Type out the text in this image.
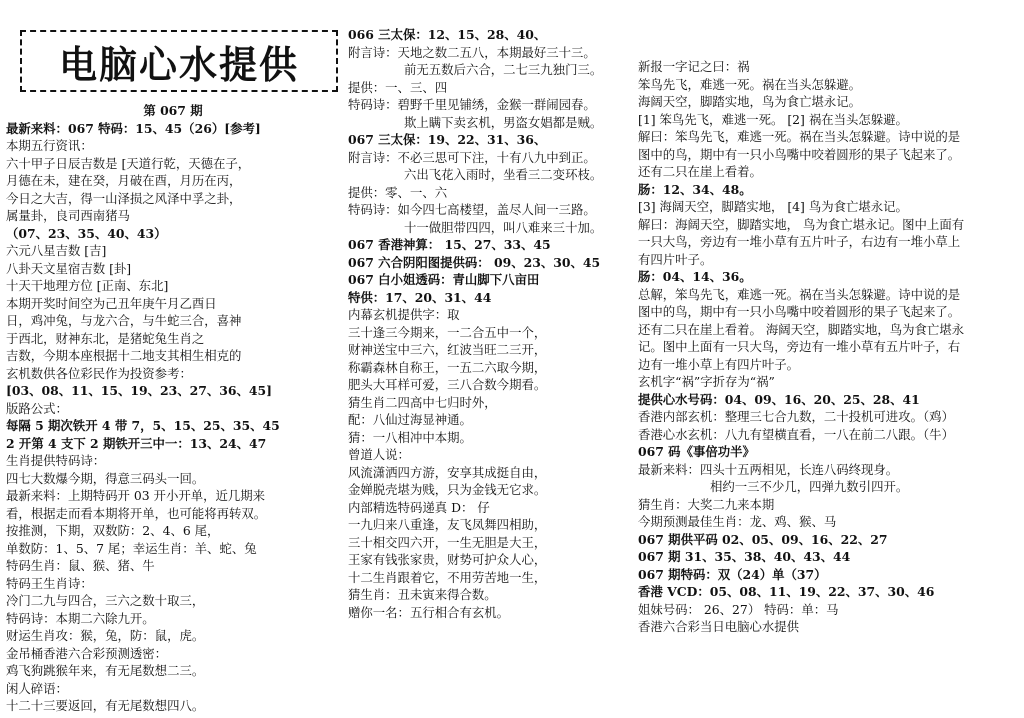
电脑心水提供
第 067 期
最新来料：067 特码：15、45（26）[参考]
本期五行资讯：
六十甲子日辰吉数是 [天道行乾，天德在子，
月德在未，建在癸，月破在酉，月历在丙，
今日之大吉，得一山泽损之风泽中孚之卦，
属量卦，良司西南猪马
（07、23、35、40、43）
六元八星吉数 [吉]
八卦天文星宿吉数 [卦]
十天干地理方位 [正南、东北]
本期开奖时间空为己丑年庚午月乙酉日
日，鸡冲兔，与龙六合，与牛蛇三合，喜神
于西北，财神东北，是猪蛇兔生肖之
吉数，今期本座根据十二地支其相生相克的
玄机数供各位彩民作为投资参考：
[03、08、11、15、19、23、27、36、45]
版路公式：
每隔 5 期次铁开 4 带 7，5、15、25、35、45
2 开第 4 支下 2 期铁开三中一：13、24、47
生肖提供特码诗：
四七大数爆今期，得意三码头一回。
最新来料：上期特码开 03 开小开单，近几期来
看，根据走而看本期将开单，也可能将再转双。
按推测，下期，双数防：2、4、6 尾，
单数防：1、5、7 尾；幸运生肖：羊、蛇、兔
特码生肖：鼠、猴、猪、牛
特码王生肖诗：
冷门二九与四合，三六之数十取三，
特码诗：本期二六除九开。
财运生肖攻：猴，兔，防：鼠，虎。
金吊桶香港六合彩预测透密：
鸡飞狗跳猴年来，有无尾数想二三。
闲人碎语：
十二十三要返回，有无尾数想四八。
066 三太保：12、15、28、40、
附言诗：天地之数二五八，本期最好三十三。
前无五数后六合，二七三九独门三。
提供：一、三、四
特码诗：碧野千里见铺绣，金猴一群闹园春。
欺上瞒下卖玄机，男盗女娼都是贼。
067 三太保：19、22、31、36、
附言诗：不必三思可下注，十有八九中到正。
六出飞花入雨时，坐看三二变环枝。
提供：零、一、六
特码诗：如今四七高楼望，盖尽人间一三路。
十一做胆带四四，叫八难来三十加。
067 香港神算： 15、27、33、45
067 六合阴阳图提供码： 09、23、30、45
067 白小姐透码：青山脚下八亩田
特供：17、20、31、44
内幕玄机提供字：取
三十逢三今期来，一二合五中一个，
财神送宝中三六，红波当旺二三开，
称霸森林自称王，一五二六取今期，
肥头大耳样可爱，三八合数今期看。
猜生肖二四高中七归时外，
配：八仙过海显神通。
猜：一八相冲中本期。
曾道人说：
风流潇洒四方游，安享其成挺自由，
金婵脱壳堪为贱，只为金钱无它求。
内部精选特码递真 D： 仔
一九归来八重逢，友飞凤舞四相助，
三十相交四六开，一生无胆是大王，
王家有钱张家贵，财势可护众人心，
十二生肖跟着它，不用劳苦地一生，
猜生肖：丑未寅来得合数。
赠你一名：五行相合有玄机。
新报一字记之曰：祸
笨鸟先飞，难逃一死。祸在当头怎躲避。
海阔天空，脚踏实地，鸟为食亡堪永记。
[1] 笨鸟先飞，难逃一死。 [2] 祸在当头怎躲避。
解曰：笨鸟先飞，难逃一死。祸在当头怎躲避。诗中说的是
图中的鸟，期中有一只小鸟嘴中咬着圆形的果子飞起来了。
还有二只在崖上看着。
肠：12、34、48。
[3] 海阔天空，脚踏实地， [4] 鸟为食亡堪永记。
解曰：海阔天空，脚踏实地， 鸟为食亡堪永记。图中上面有
一只大鸟，旁边有一堆小草有五片叶子，右边有一堆小草上
有四片叶子。
肠：04、14、36。
总解，笨鸟先飞，难逃一死。祸在当头怎躲避。诗中说的是
图中的鸟，期中有一只小鸟嘴中咬着圆形的果子飞起来了。
还有二只在崖上看着。 海阔天空，脚踏实地，鸟为食亡堪永
记。图中上面有一只大鸟，旁边有一堆小草有五片叶子，右
边有一堆小草上有四片叶子。
玄机字“祸”字折存为“祸”
提供心水号码：04、09、16、20、25、28、41
香港内部玄机：整理三七合九数，二十投机可进攻。（鸡）
香港心水玄机：八九有望横直看，一八在前二八跟。（牛）
067 码《事倍功半》
最新来料：四头十五两相见，长连八码终现身。
相约一三不少几，四弹九数引四开。
猜生肖：大奖二九来本期
今期预测最佳生肖：龙、鸡、猴、马
067 期供平码 02、05、09、16、22、27
067 期 31、35、38、40、43、44
067 期特码：双（24）单（37）
香港 VCD：05、08、11、19、22、37、30、46
姐妹号码： 26、27） 特码：单：马
香港六合彩当日电脑心水提供
